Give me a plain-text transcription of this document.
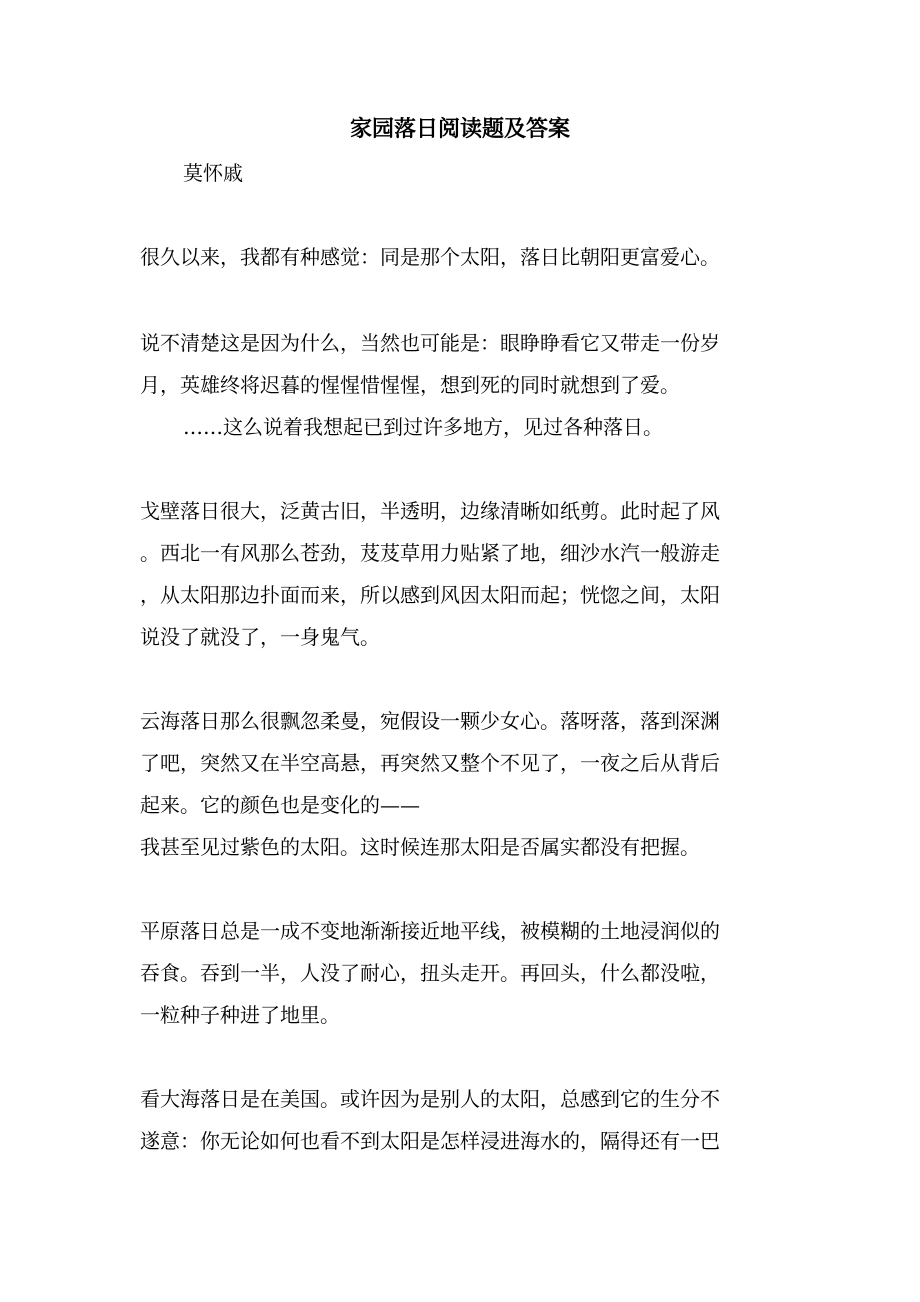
家园落日阅读题及答案

莫怀戚

很久以来，我都有种感觉：同是那个太阳，落日比朝阳更富爱心。

说不清楚这是因为什么，当然也可能是：眼睁睁看它又带走一份岁

月，英雄终将迟暮的惺惺惜惺惺，想到死的同时就想到了爱。

……这么说着我想起已到过许多地方，见过各种落日。

戈壁落日很大，泛黄古旧，半透明，边缘清晰如纸剪。此时起了风

。西北一有风那么苍劲，芨芨草用力贴紧了地，细沙水汽一般游走

，从太阳那边扑面而来，所以感到风因太阳而起；恍惚之间，太阳

说没了就没了，一身鬼气。

云海落日那么很飘忽柔曼，宛假设一颗少女心。落呀落，落到深渊

了吧，突然又在半空高悬，再突然又整个不见了，一夜之后从背后

起来。它的颜色也是变化的——

我甚至见过紫色的太阳。这时候连那太阳是否属实都没有把握。

平原落日总是一成不变地渐渐接近地平线，被模糊的土地浸润似的

吞食。吞到一半，人没了耐心，扭头走开。再回头，什么都没啦，

一粒种子种进了地里。

看大海落日是在美国。或许因为是别人的太阳，总感到它的生分不

遂意：你无论如何也看不到太阳是怎样浸进海水的，隔得还有一巴
